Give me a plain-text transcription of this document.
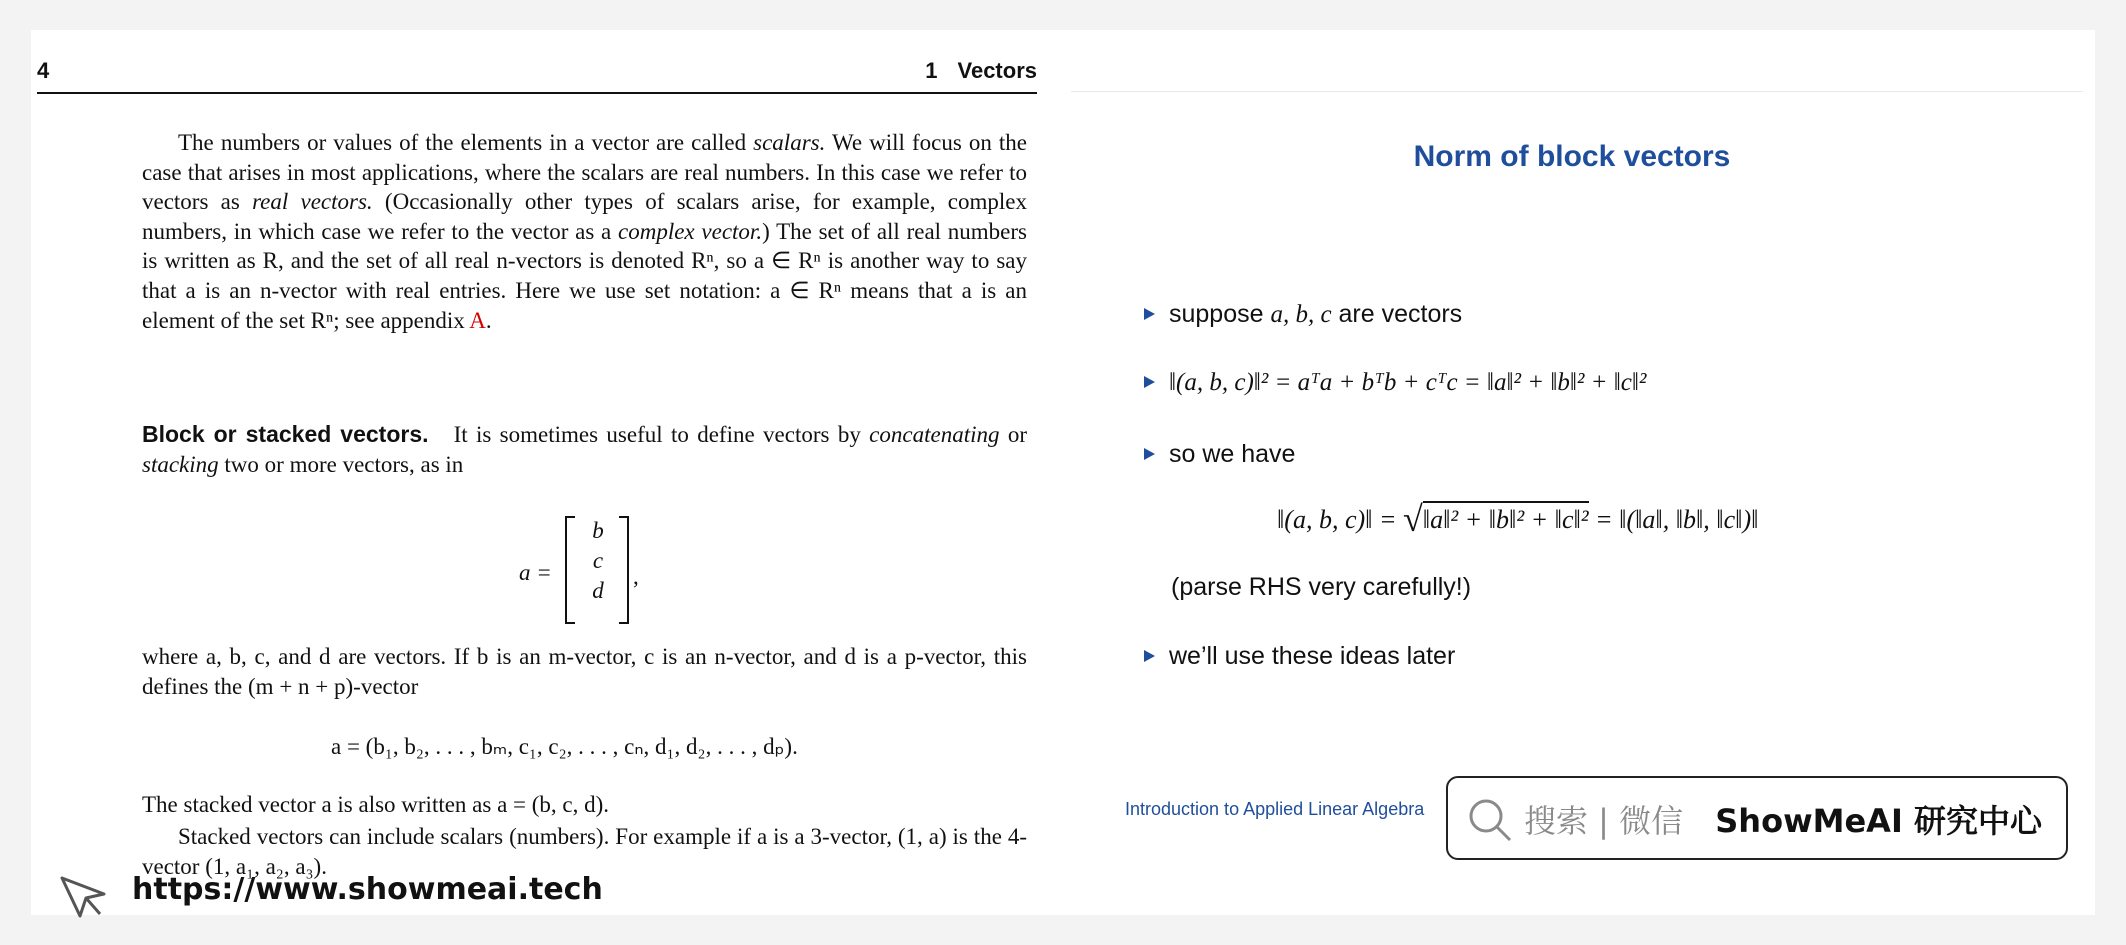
4	1 Vectors
The numbers or values of the elements in a vector are called scalars. We will focus on the case that arises in most applications, where the scalars are real numbers. In this case we refer to vectors as real vectors. (Occasionally other types of scalars arise, for example, complex numbers, in which case we refer to the vector as a complex vector.) The set of all real numbers is written as R, and the set of all real n-vectors is denoted Rⁿ, so a ∈ Rⁿ is another way to say that a is an n-vector with real entries. Here we use set notation: a ∈ Rⁿ means that a is an element of the set Rⁿ; see appendix A.
Block or stacked vectors. It is sometimes useful to define vectors by concatenating or stacking two or more vectors, as in
a =
b
c
d
,
where a, b, c, and d are vectors. If b is an m-vector, c is an n-vector, and d is a p-vector, this defines the (m + n + p)-vector
a = (b₁, b₂, . . . , bₘ, c₁, c₂, . . . , cₙ, d₁, d₂, . . . , dₚ).
The stacked vector a is also written as a = (b, c, d).
Stacked vectors can include scalars (numbers). For example if a is a 3-vector, (1, a) is the 4-vector (1, a₁, a₂, a₃).
https://www.showmeai.tech
Norm of block vectors
suppose a, b, c are vectors
‖(a, b, c)‖² = aᵀa + bᵀb + cᵀc = ‖a‖² + ‖b‖² + ‖c‖²
so we have
‖(a, b, c)‖ = √‖a‖² + ‖b‖² + ‖c‖² = ‖(‖a‖, ‖b‖, ‖c‖)‖
(parse RHS very carefully!)
we’ll use these ideas later
Introduction to Applied Linear Algebra	搜索 | 微信 ShowMeAI 研究中心
